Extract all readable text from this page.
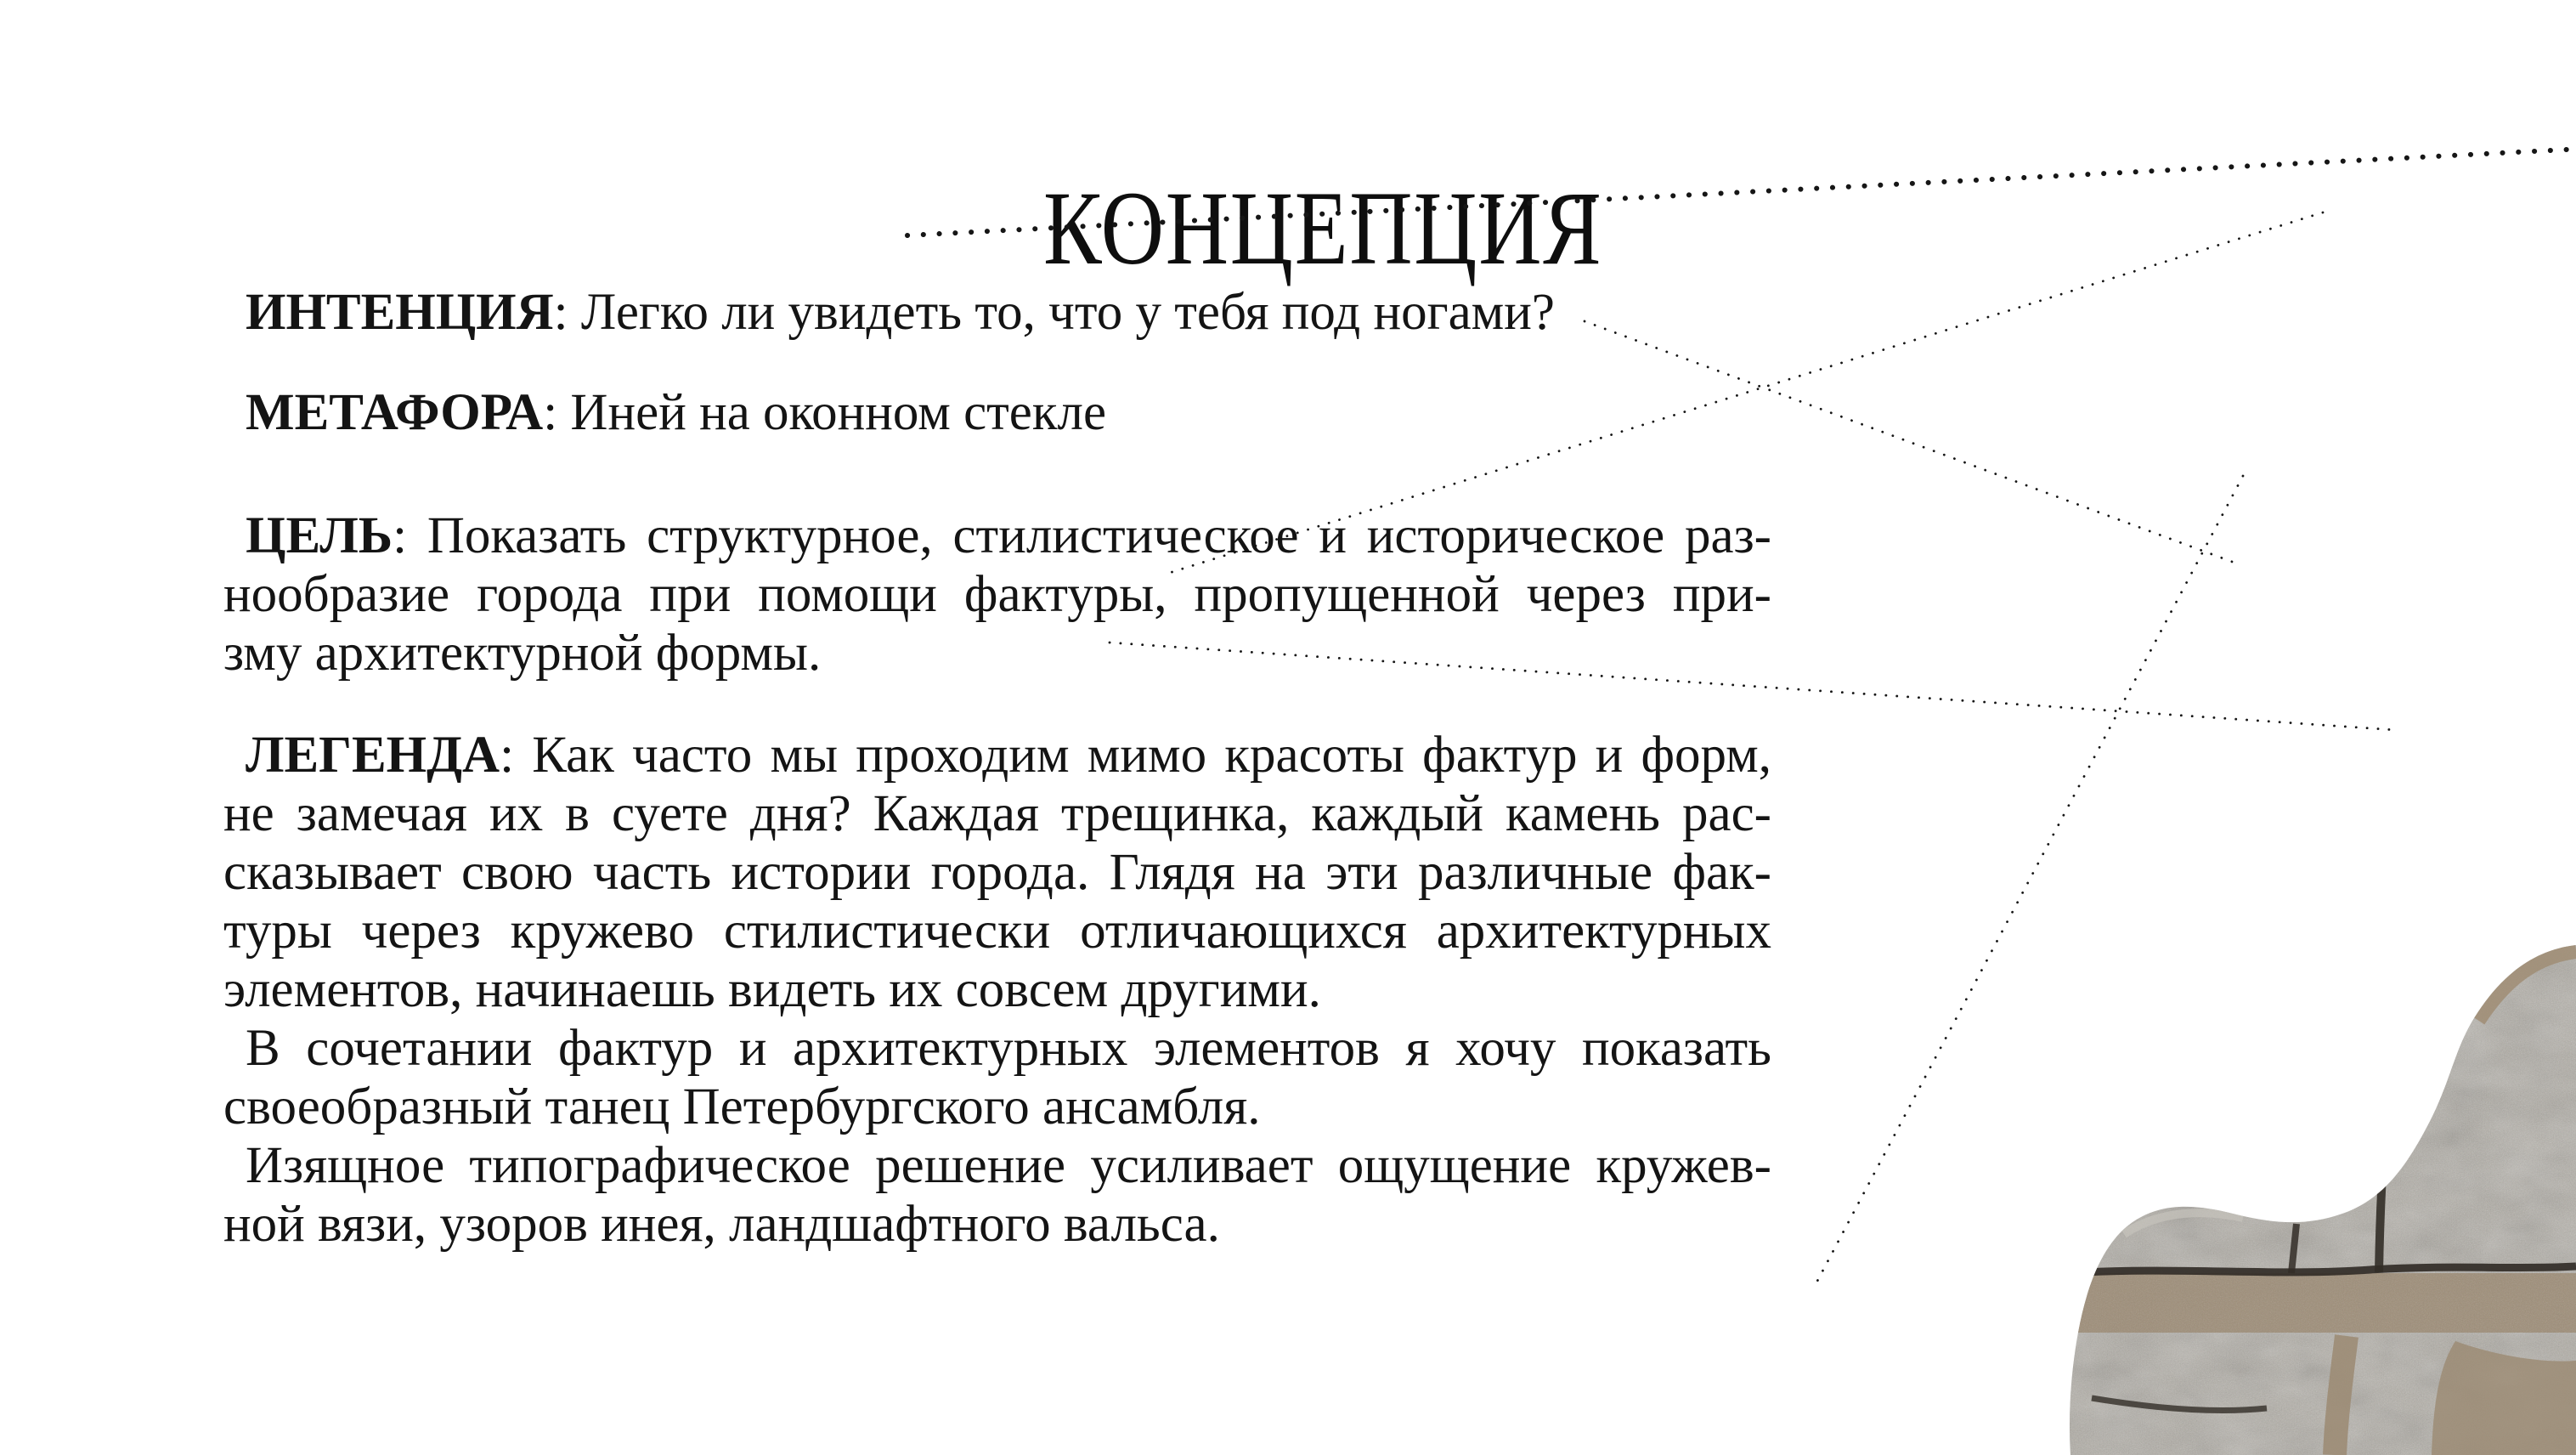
КОНЦЕПЦИЯ
ИНТЕНЦИЯ: Легко ли увидеть то, что у тебя под ногами?
МЕТАФОРА: Иней на оконном стекле
ЦЕЛЬ: Показать структурное, стилистическое и историческое раз-
нообразие города при помощи фактуры, пропущенной через при-
зму архитектурной формы.
ЛЕГЕНДА: Как часто мы проходим мимо красоты фактур и форм,
не замечая их в суете дня? Каждая трещинка, каждый камень рас-
сказывает свою часть истории города. Глядя на эти различные фак-
туры через кружево стилистически отличающихся архитектурных
элементов, начинаешь видеть их совсем другими.
В сочетании фактур и архитектурных элементов я хочу показать
своеобразный танец Петербургского ансамбля.
Изящное типографическое решение усиливает ощущение кружев-
ной вязи, узоров инея, ландшафтного вальса.
